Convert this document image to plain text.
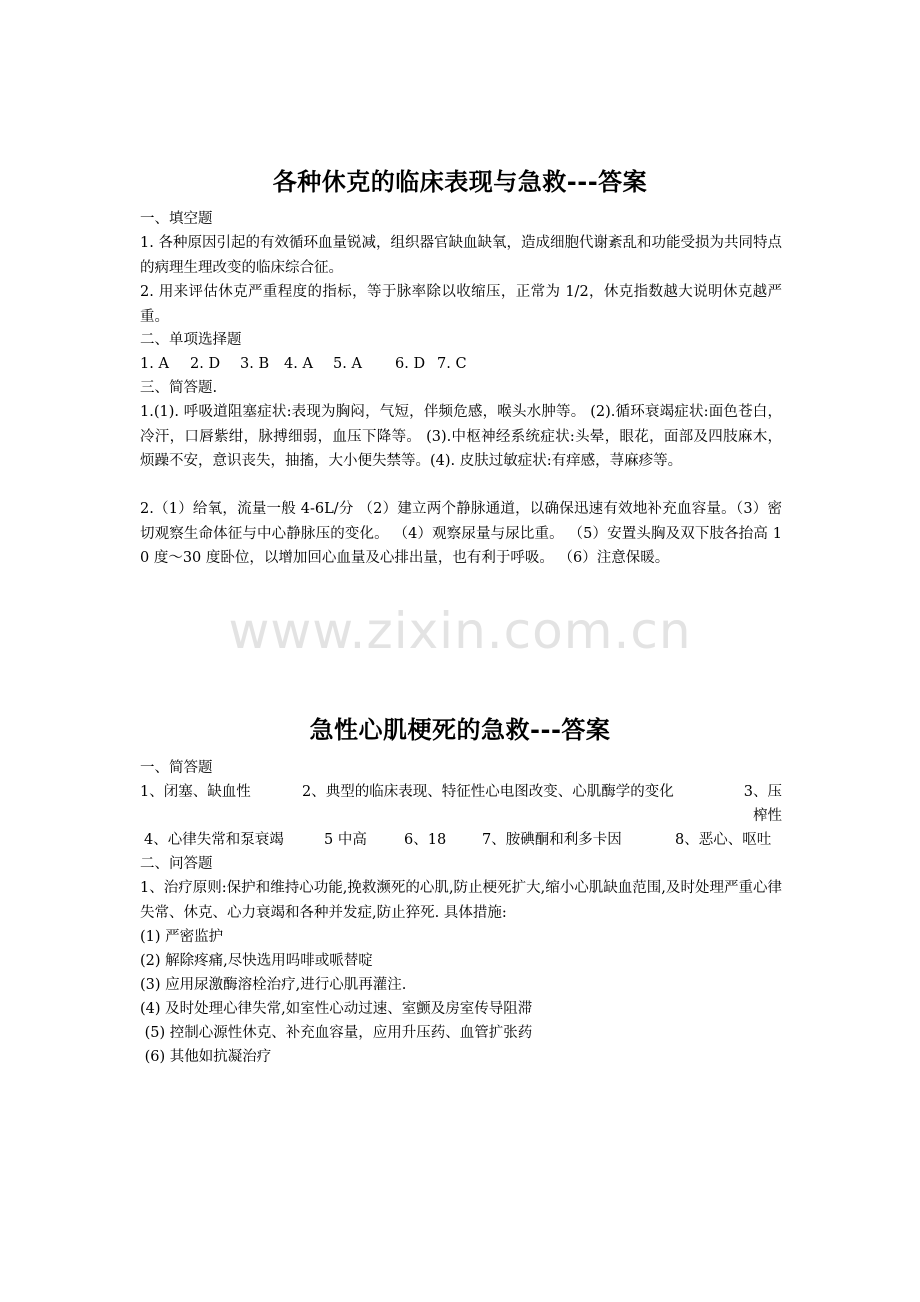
各种休克的临床表现与急救---答案
一、填空题
1. 各种原因引起的有效循环血量锐减，组织器官缺血缺氧，造成细胞代谢紊乱和功能受损为共同特点的病理生理改变的临床综合征。
2. 用来评估休克严重程度的指标，等于脉率除以收缩压，正常为 1/2，休克指数越大说明休克越严重。
二、单项选择题
1. A 2. D 3. B 4. A 5. A 6. D 7. C
三、简答题.
1.(1). 呼吸道阻塞症状:表现为胸闷，气短，伴频危感，喉头水肿等。 (2).循环衰竭症状:面色苍白，冷汗，口唇紫绀，脉搏细弱，血压下降等。 (3).中枢神经系统症状:头晕，眼花，面部及四肢麻木，烦躁不安，意识丧失，抽搐，大小便失禁等。(4). 皮肤过敏症状:有痒感，荨麻疹等。
2.（1）给氧，流量一般 4-6L/分 （2）建立两个静脉通道，以确保迅速有效地补充血容量。（3）密切观察生命体征与中心静脉压的变化。 （4）观察尿量与尿比重。 （5）安置头胸及双下肢各抬高 10 度～30 度卧位，以增加回心血量及心排出量，也有利于呼吸。 （6）注意保暖。
www.zixin.com.cn
急性心肌梗死的急救---答案
一、简答题
1、闭塞、缺血性	2、典型的临床表现、特征性心电图改变、心肌酶学的变化	3、压榨性
4、心律失常和泵衰竭	5 中高	6、18 7、胺碘酮和利多卡因	8、恶心、呕吐
二、问答题
1、治疗原则:保护和维持心功能,挽救濒死的心肌,防止梗死扩大,缩小心肌缺血范围,及时处理严重心律失常、休克、心力衰竭和各种并发症,防止猝死. 具体措施:
(1) 严密监护
(2) 解除疼痛,尽快选用吗啡或哌替啶
(3) 应用尿激酶溶栓治疗,进行心肌再灌注.
(4) 及时处理心律失常,如室性心动过速、室颤及房室传导阻滞
(5) 控制心源性休克、补充血容量，应用升压药、血管扩张药
(6) 其他如抗凝治疗
